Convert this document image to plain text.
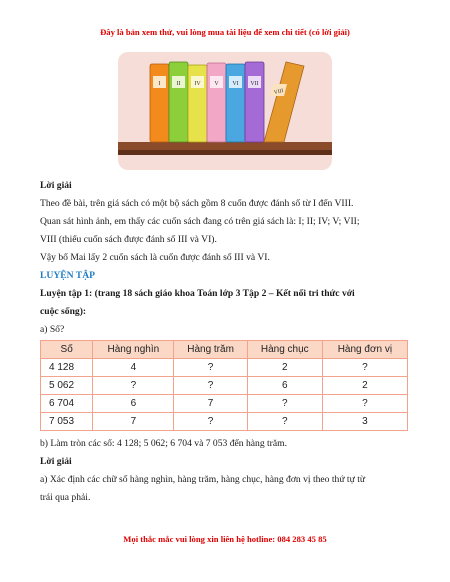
Đây là bản xem thử, vui lòng mua tài liệu để xem chi tiết (có lời giải)
I	II IV V VI VII
VIII
Lời giải
Theo đề bài, trên giá sách có một bộ sách gồm 8 cuốn được đánh số từ I đến VIII.
Quan sát hình ảnh, em thấy các cuốn sách đang có trên giá sách là: I; II; IV; V; VII;
VIII (thiếu cuốn sách được đánh số III và VI).
Vậy bố Mai lấy 2 cuốn sách là cuốn được đánh số III và VI.
LUYỆN TẬP
Luyện tập 1: (trang 18 sách giáo khoa Toán lớp 3 Tập 2 – Kết nối tri thức với
cuộc sống):
a) Số?
Số	Hàng nghìn	Hàng trăm	Hàng chục	Hàng đơn vị
4 128	4	?	2	?
5 062	?	?	6	2
6 704	6	7	?	?
7 053	7	?	?	3
b) Làm tròn các số: 4 128; 5 062; 6 704 và 7 053 đến hàng trăm.
Lời giải
a) Xác định các chữ số hàng nghìn, hàng trăm, hàng chục, hàng đơn vị theo thứ tự từ
trái qua phải.
Mọi thắc mắc vui lòng xin liên hệ hotline: 084 283 45 85
